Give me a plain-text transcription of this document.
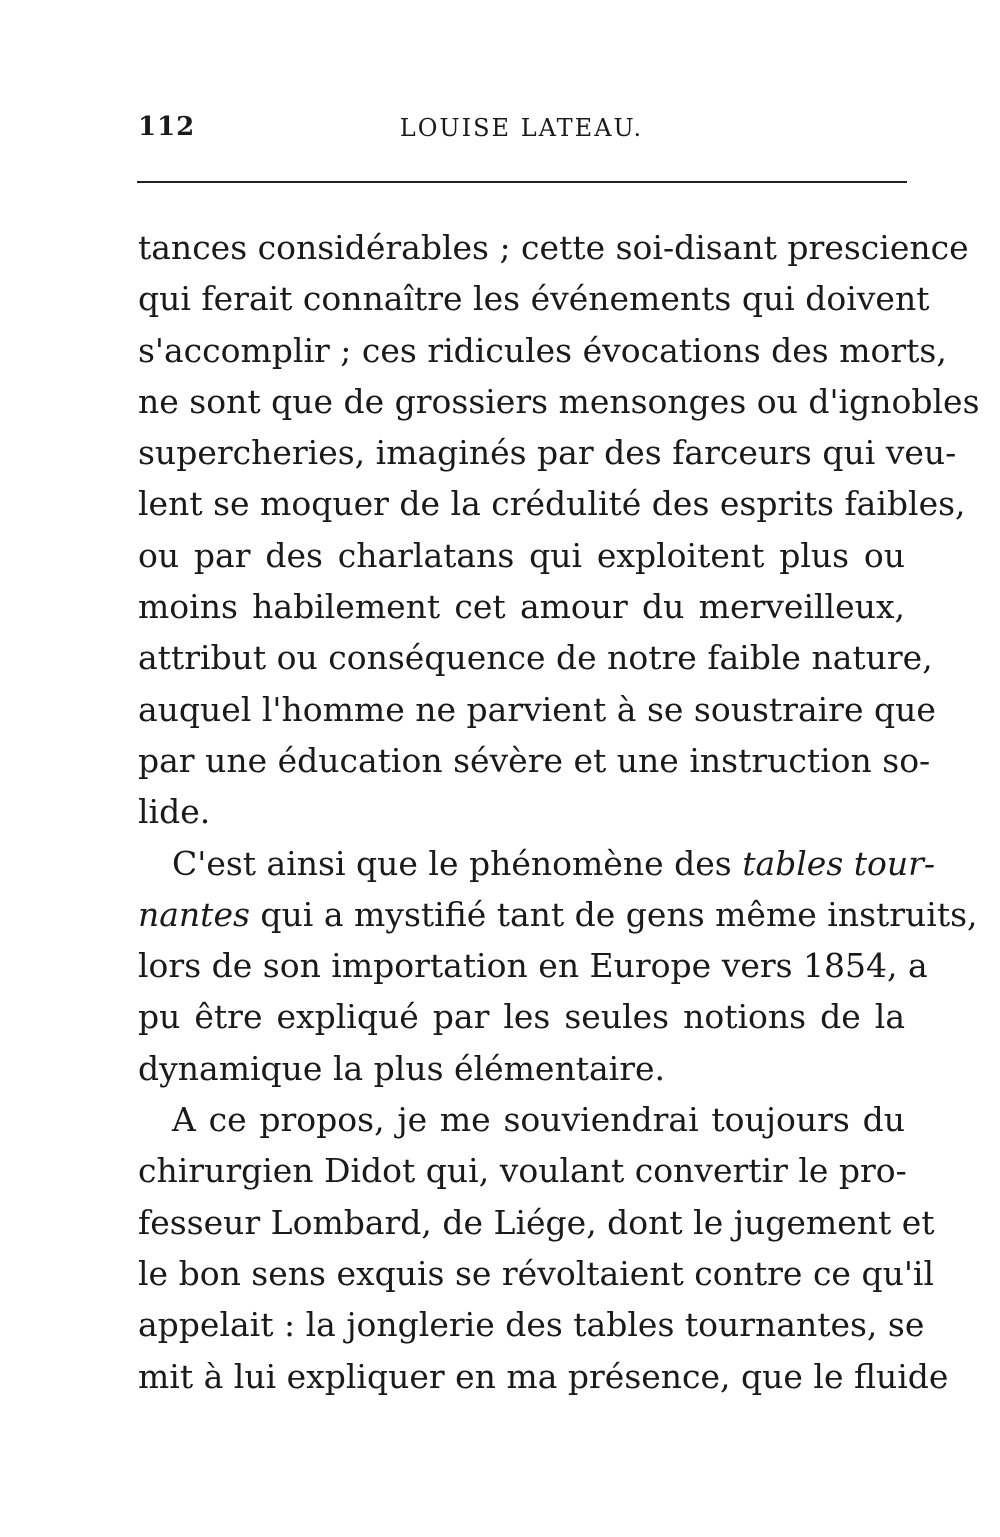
112	LOUISE LATEAU.
tances considérables ; cette soi-disant prescience
qui ferait connaître les événements qui doivent
s'accomplir ; ces ridicules évocations des morts,
ne sont que de grossiers mensonges ou d'ignobles
supercheries, imaginés par des farceurs qui veu-
lent se moquer de la crédulité des esprits faibles,
ou par des charlatans qui exploitent plus ou
moins habilement cet amour du merveilleux,
attribut ou conséquence de notre faible nature,
auquel l'homme ne parvient à se soustraire que
par une éducation sévère et une instruction so-
lide.
C'est ainsi que le phénomène des tables tour-
nantes qui a mystifié tant de gens même instruits,
lors de son importation en Europe vers 1854, a
pu être expliqué par les seules notions de la
dynamique la plus élémentaire.
A ce propos, je me souviendrai toujours du
chirurgien Didot qui, voulant convertir le pro-
fesseur Lombard, de Liége, dont le jugement et
le bon sens exquis se révoltaient contre ce qu'il
appelait : la jonglerie des tables tournantes, se
mit à lui expliquer en ma présence, que le fluide
